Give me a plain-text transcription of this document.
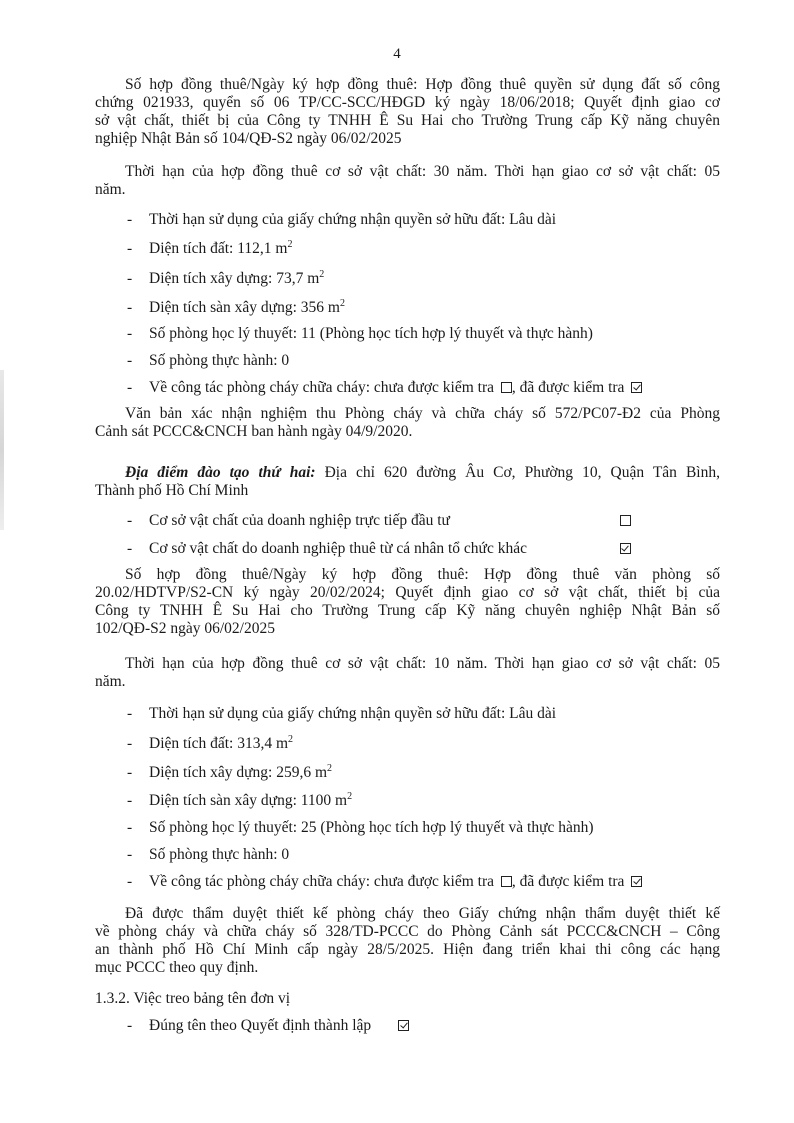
4
Số hợp đồng thuê/Ngày ký hợp đồng thuê: Hợp đồng thuê quyền sử dụng đất số công
chứng 021933, quyển số 06 TP/CC-SCC/HĐGD ký ngày 18/06/2018; Quyết định giao cơ
sở vật chất, thiết bị của Công ty TNHH Ê Su Hai cho Trường Trung cấp Kỹ năng chuyên
nghiệp Nhật Bản số 104/QĐ-S2 ngày 06/02/2025
Thời hạn của hợp đồng thuê cơ sở vật chất: 30 năm. Thời hạn giao cơ sở vật chất: 05
năm.
- Thời hạn sử dụng của giấy chứng nhận quyền sở hữu đất: Lâu dài
- Diện tích đất: 112,1 $m^2$
- Diện tích xây dựng: 73,7 $m^2$
- Diện tích sàn xây dựng: 356 $m^2$
- Số phòng học lý thuyết: 11 (Phòng học tích hợp lý thuyết và thực hành)
- Số phòng thực hành: 0
- Về công tác phòng cháy chữa cháy: chưa được kiểm tra , đã được kiểm tra
Văn bản xác nhận nghiệm thu Phòng cháy và chữa cháy số 572/PC07-Đ2 của Phòng
Cảnh sát PCCC&CNCH ban hành ngày 04/9/2020.
Địa điểm đào tạo thứ hai: Địa chỉ 620 đường Âu Cơ, Phường 10, Quận Tân Bình,
Thành phố Hồ Chí Minh
- Cơ sở vật chất của doanh nghiệp trực tiếp đầu tư
- Cơ sở vật chất do doanh nghiệp thuê từ cá nhân tổ chức khác
Số hợp đồng thuê/Ngày ký hợp đồng thuê: Hợp đồng thuê văn phòng số
20.02/HDTVP/S2-CN ký ngày 20/02/2024; Quyết định giao cơ sở vật chất, thiết bị của
Công ty TNHH Ê Su Hai cho Trường Trung cấp Kỹ năng chuyên nghiệp Nhật Bản số
102/QĐ-S2 ngày 06/02/2025
Thời hạn của hợp đồng thuê cơ sở vật chất: 10 năm. Thời hạn giao cơ sở vật chất: 05
năm.
- Thời hạn sử dụng của giấy chứng nhận quyền sở hữu đất: Lâu dài
- Diện tích đất: 313,4 $m^2$
- Diện tích xây dựng: 259,6 $m^2$
- Diện tích sàn xây dựng: 1100 $m^2$
- Số phòng học lý thuyết: 25 (Phòng học tích hợp lý thuyết và thực hành)
- Số phòng thực hành: 0
- Về công tác phòng cháy chữa cháy: chưa được kiểm tra , đã được kiểm tra
Đã được thẩm duyệt thiết kế phòng cháy theo Giấy chứng nhận thẩm duyệt thiết kế
về phòng cháy và chữa cháy số 328/TD-PCCC do Phòng Cảnh sát PCCC&CNCH – Công
an thành phố Hồ Chí Minh cấp ngày 28/5/2025. Hiện đang triển khai thi công các hạng
mục PCCC theo quy định.
1.3.2. Việc treo bảng tên đơn vị
- Đúng tên theo Quyết định thành lập
